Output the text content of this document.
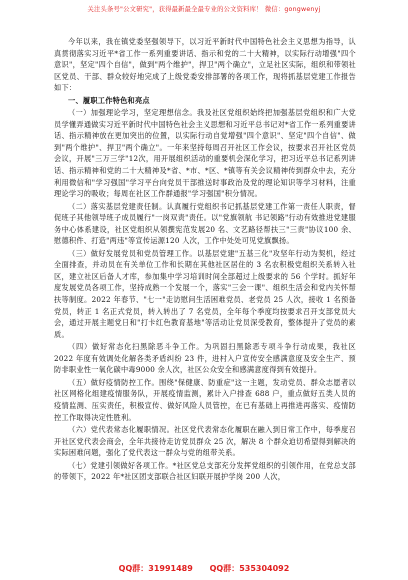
关注头条号"公文研究"，获得最新最全最专业的公文资料库！ 微信：gongwenyj

今年以来，我在镇党委坚强领导下，以习近平新时代中国特色社会主义思想为指导，认真贯彻落实习近平*省工作一系列重要讲话、指示和党的二十大精神，以实际行动增强"四个意识"，坚定"四个自信"，做到"两个维护"，捍卫"两个确立"，立足社区实际，组织和带领社区党员、干部、群众较好地完成了上级党委安排部署的各项工作，现将抓基层党建工作报告如下：

一、履职工作特色和亮点

（一）加强理论学习，坚定理想信念。我及社区党组织始终把加强基层党组织和广大党员学懂弄通做实习近平新时代中国特色社会主义思想和习近平总书记对*省工作一系列重要讲话、指示精神放在更加突出的位置，以实际行动自觉增强"四个意识"、坚定"四个自信"、做到"两个维护"、捍卫"两个确立"。一年来坚持每周召开社区工作会议，按要求召开社区党员会议，开展"三万三学"12次，用开展组织活动的重要机会深化学习，把习近平总书记系列讲话、指示精神和党的二十大精神及*省、*市、*区、*镇等有关会议精神传到群众中去，充分利用微信和"学习强国"学习平台向党员干部推送时事政治及党的理论知识等学习材料，注重理论学习的吸收；每周在社区工作群通报"学习强国"积分情况。

（二）落实基层党建责任制。认真履行党组织书记抓基层党建工作第一责任人职责，督促班子其他领导班子成员履行"一岗双责"责任。以"党旗领航 书记领路"行动有效推进党建服务中心体系建设，社区党组织从领撰宪范发展20 名、文艺路径帮扶三"三责"协议100 余、慰德积件、打造"两违"等宣传运源120 人次，工作中处处可见党旗飘扬。

（三）做好发展党员和党员管理工作。以基层党建"五基三化"攻坚年行动为契机，经过全面排查，并动员在有关单位工作和长期在其他社区居住的 3 名农积极党组织关系转入社区，建立社区后备人才库，参加集中学习培训时间全部超过上级要求的 56 个学时。抓好年度发展党员各项工作，坚持成熟一个发展一个，落实"三会一课"、组织生活会和党内关怀帮扶等制度。2022 年春节、"七一"走访慰问生活困难党员、老党员 25 人次，接收 1 名预备党员，转正 1 名正式党员，转入转出了 7 名党员，全年每个季度均按要求召开支部党员大会，通过开展主题党日和"打卡红色教育基地"等活动让党员深受教育，整体提升了党员的素质。

（四）做好常态化扫黑除恶斗争工作。为巩固扫黑除恶专项斗争行动成果，我社区 2022 年度有效调处化解各类矛盾纠纷 23 件，进村入户宣传安全感满意度及安全生产、预防非职业性一氧化碳中毒9000 余人次，社区公众安全和感满意度得到有效提升。

（五）做好疫情防控工作。围绕"保健康、防重症"这一主题，发动党员、群众志愿者以社区网格化组建疫情服务队，开展疫情监测，累计入户排查 688 户，重点做好五类人员的疫情监测、压实责任，积极宣传、做好风险人员管控，在已有基础上再推进再落实、疫情防控工作取得决定性胜利。

（六）党代表常态化履职情况。社区党代表常态化履职在融入到日常工作中，每季度召开社区党代表会商会，全年共接待走访党员群众 25 次，解决 8 个群众迫切希望得到解决的实际困难问题，强化了党代表这一群众与党的组带关系。

（七）党建引领做好各项工作。*社区党总支部充分发挥党组织的引领作用，在党总支部的带领下，2022 年*社区团支部联合社区妇联开展护学岗 200 人次，

QQ群：31991489 QQ群：535304092
